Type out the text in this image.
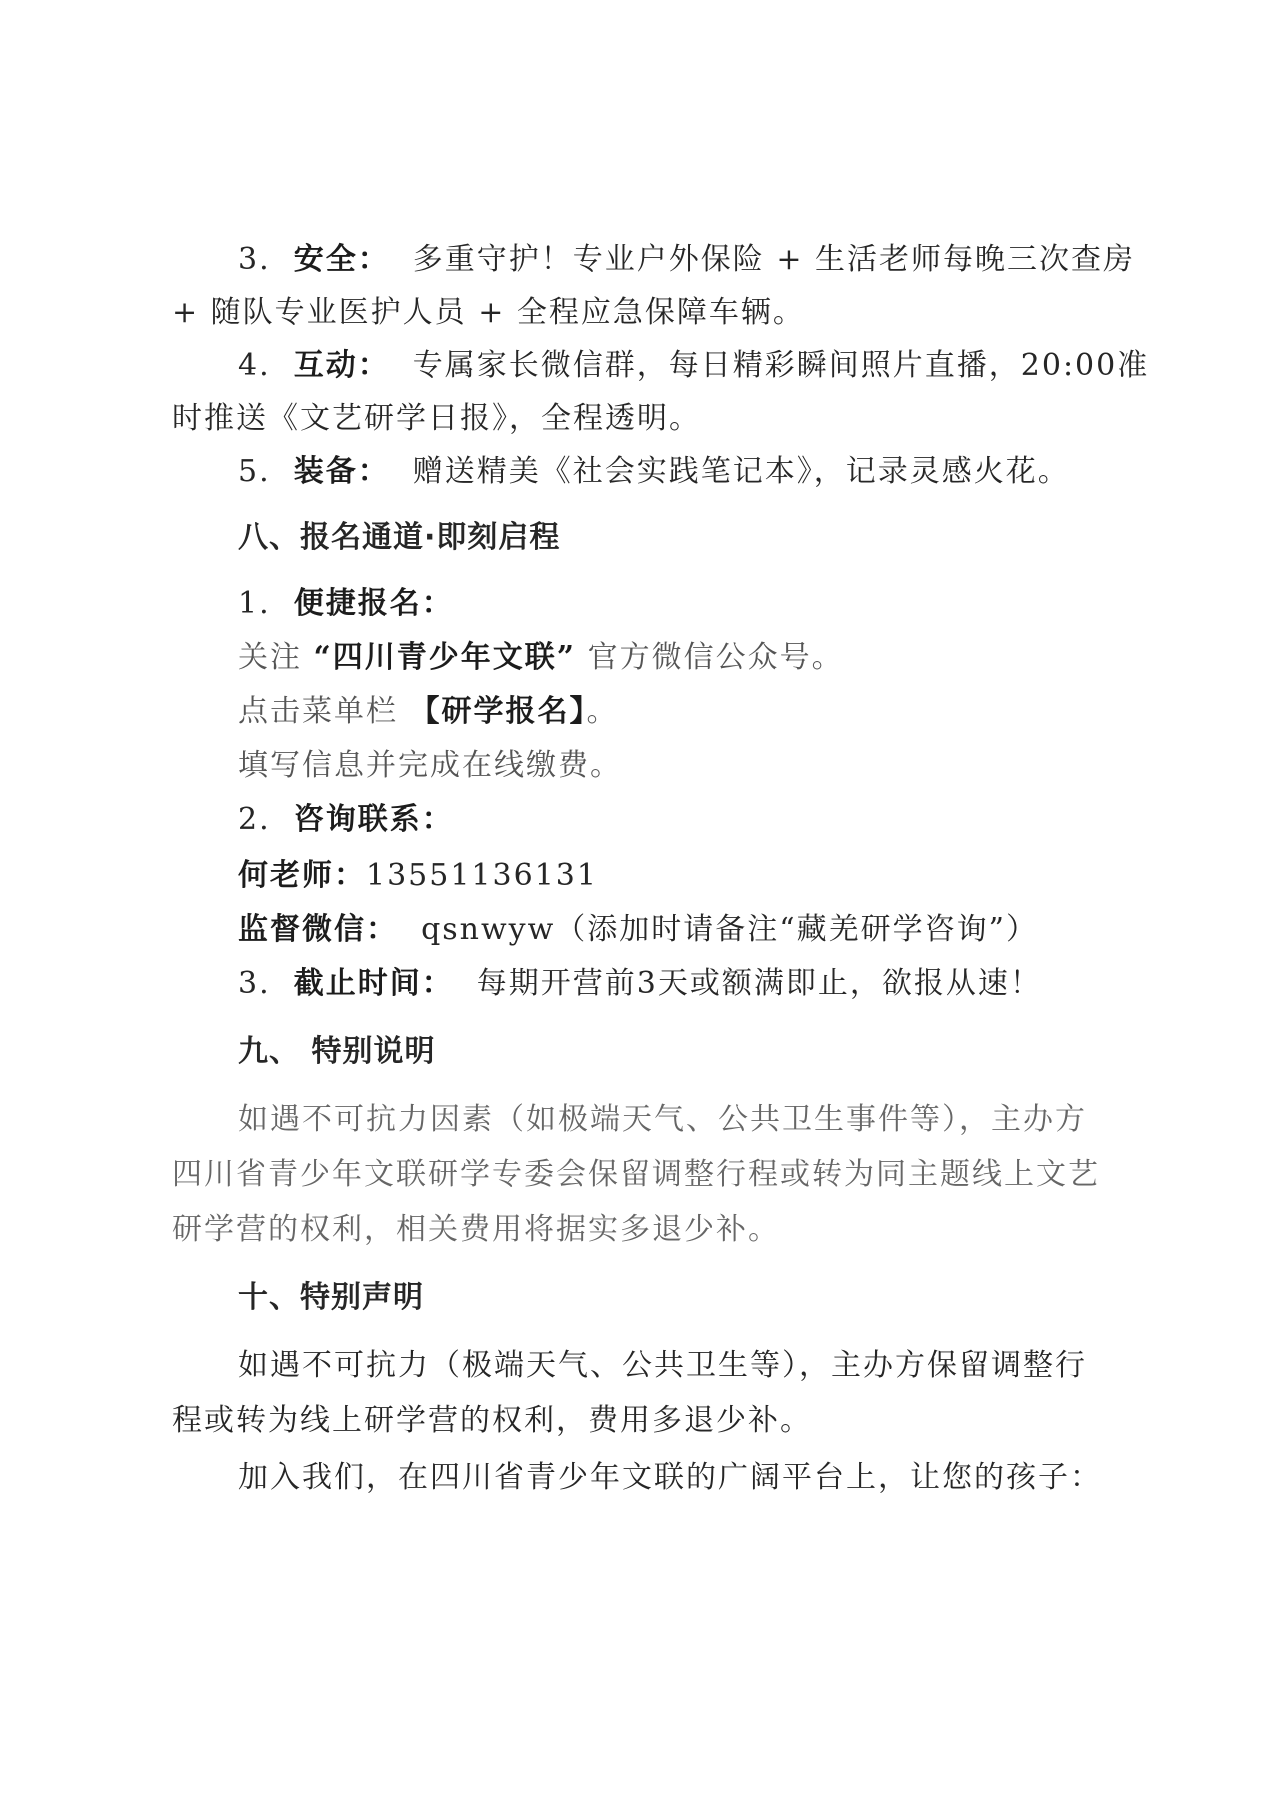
3. 安全： 多重守护！专业户外保险 + 生活老师每晚三次查房
+ 随队专业医护人员 + 全程应急保障车辆。
4. 互动： 专属家长微信群，每日精彩瞬间照片直播，20:00准
时推送《文艺研学日报》，全程透明。
5. 装备： 赠送精美《社会实践笔记本》，记录灵感火花。
八、报名通道·即刻启程
1. 便捷报名：
关注 “四川青少年文联” 官方微信公众号。
点击菜单栏 【研学报名】。
填写信息并完成在线缴费。
2. 咨询联系：
何老师：13551136131
监督微信： qsnwyw（添加时请备注“藏羌研学咨询”）
3. 截止时间： 每期开营前3天或额满即止，欲报从速！
九、 特别说明
如遇不可抗力因素（如极端天气、公共卫生事件等），主办方
四川省青少年文联研学专委会保留调整行程或转为同主题线上文艺
研学营的权利，相关费用将据实多退少补。
十、特别声明
如遇不可抗力（极端天气、公共卫生等），主办方保留调整行
程或转为线上研学营的权利，费用多退少补。
加入我们，在四川省青少年文联的广阔平台上，让您的孩子：
